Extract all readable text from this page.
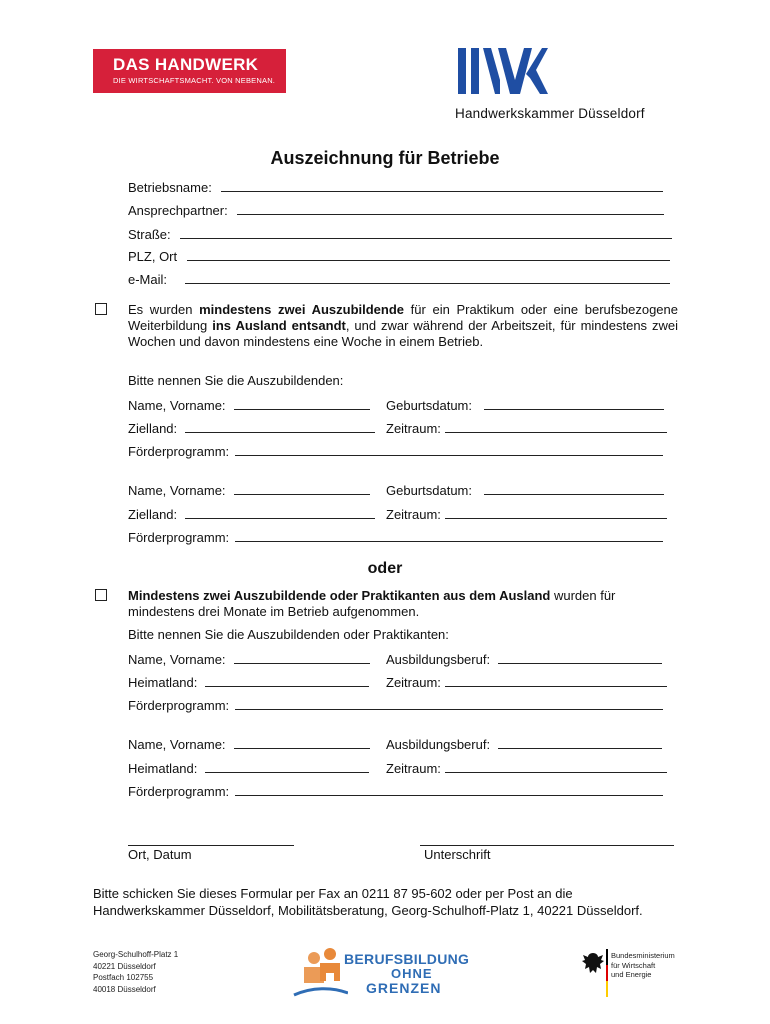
DAS HANDWERK
DIE WIRTSCHAFTSMACHT. VON NEBENAN.
Handwerkskammer Düsseldorf
Auszeichnung für Betriebe
Betriebsname:
Ansprechpartner:
Straße:
PLZ, Ort
e-Mail:
Es wurden mindestens zwei Auszubildende für ein Praktikum oder eine berufsbezogene Weiterbildung ins Ausland entsandt, und zwar während der Arbeitszeit, für mindestens zwei Wochen und davon mindestens eine Woche in einem Betrieb.
Bitte nennen Sie die Auszubildenden:
Name, Vorname:	Geburtsdatum:
Zielland:	Zeitraum:
Förderprogramm:
Name, Vorname:	Geburtsdatum:
Zielland:	Zeitraum:
Förderprogramm:
oder
Mindestens zwei Auszubildende oder Praktikanten aus dem Ausland wurden für mindestens drei Monate im Betrieb aufgenommen.
Bitte nennen Sie die Auszubildenden oder Praktikanten:
Name, Vorname:	Ausbildungsberuf:
Heimatland:	Zeitraum:
Förderprogramm:
Name, Vorname:	Ausbildungsberuf:
Heimatland:	Zeitraum:
Förderprogramm:
Ort, Datum	Unterschrift
Bitte schicken Sie dieses Formular per Fax an 0211 87 95-602 oder per Post an die
Handwerkskammer Düsseldorf, Mobilitätsberatung, Georg-Schulhoff-Platz 1, 40221 Düsseldorf.
Georg-Schulhoff-Platz 1
40221 Düsseldorf
Postfach 102755
40018 Düsseldorf
BERUFSBILDUNG
OHNE
GRENZEN
Bundesministerium
für Wirtschaft
und Energie
